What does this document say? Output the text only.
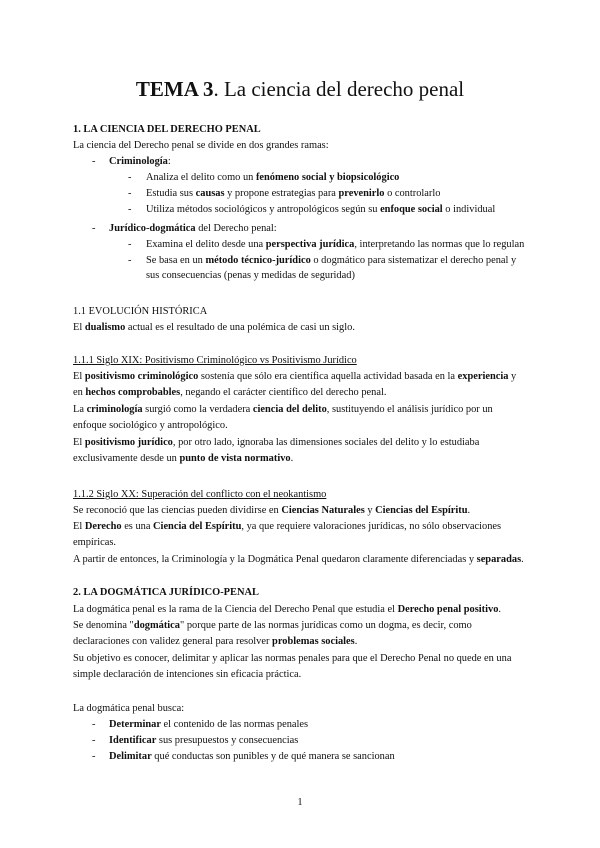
TEMA 3. La ciencia del derecho penal
1. LA CIENCIA DEL DERECHO PENAL
La ciencia del Derecho penal se divide en dos grandes ramas:
- Criminología:
- Analiza el delito como un fenómeno social y biopsicológico
- Estudia sus causas y propone estrategias para prevenirlo o controlarlo
- Utiliza métodos sociológicos y antropológicos según su enfoque social o individual
- Jurídico-dogmática del Derecho penal:
- Examina el delito desde una perspectiva jurídica, interpretando las normas que lo regulan
- Se basa en un método técnico-jurídico o dogmático para sistematizar el derecho penal y
sus consecuencias (penas y medidas de seguridad)
1.1 EVOLUCIÓN HISTÓRICA
El dualismo actual es el resultado de una polémica de casi un siglo.
1.1.1 Siglo XIX: Positivismo Criminológico vs Positivismo Jurídico
El positivismo criminológico sostenía que sólo era científica aquella actividad basada en la experiencia y
en hechos comprobables, negando el carácter científico del derecho penal.
La criminología surgió como la verdadera ciencia del delito, sustituyendo el análisis jurídico por un
enfoque sociológico y antropológico.
El positivismo jurídico, por otro lado, ignoraba las dimensiones sociales del delito y lo estudiaba
exclusivamente desde un punto de vista normativo.
1.1.2 Siglo XX: Superación del conflicto con el neokantismo
Se reconoció que las ciencias pueden dividirse en Ciencias Naturales y Ciencias del Espíritu.
El Derecho es una Ciencia del Espíritu, ya que requiere valoraciones jurídicas, no sólo observaciones
empíricas.
A partir de entonces, la Criminología y la Dogmática Penal quedaron claramente diferenciadas y separadas.
2. LA DOGMÁTICA JURÍDICO-PENAL
La dogmática penal es la rama de la Ciencia del Derecho Penal que estudia el Derecho penal positivo.
Se denomina "dogmática" porque parte de las normas jurídicas como un dogma, es decir, como
declaraciones con validez general para resolver problemas sociales.
Su objetivo es conocer, delimitar y aplicar las normas penales para que el Derecho Penal no quede en una
simple declaración de intenciones sin eficacia práctica.
La dogmática penal busca:
- Determinar el contenido de las normas penales
- Identificar sus presupuestos y consecuencias
- Delimitar qué conductas son punibles y de qué manera se sancionan
1
